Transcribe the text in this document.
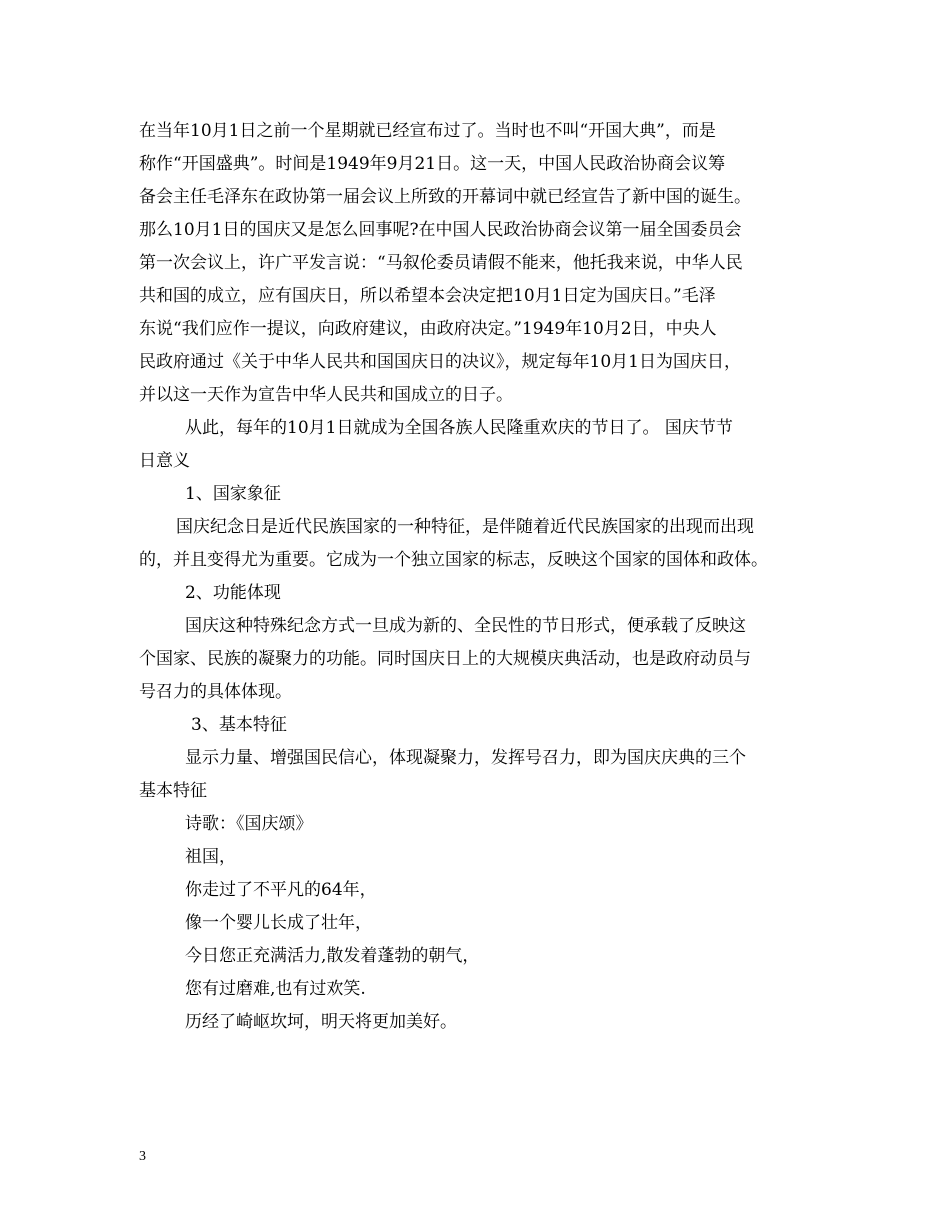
在当年10月1日之前一个星期就已经宣布过了。当时也不叫“开国大典”，而是
称作“开国盛典”。时间是1949年9月21日。这一天，中国人民政治协商会议筹
备会主任毛泽东在政协第一届会议上所致的开幕词中就已经宣告了新中国的诞生。
那么10月1日的国庆又是怎么回事呢?在中国人民政治协商会议第一届全国委员会
第一次会议上，许广平发言说：“马叙伦委员请假不能来，他托我来说，中华人民
共和国的成立，应有国庆日，所以希望本会决定把10月1日定为国庆日。”毛泽
东说“我们应作一提议，向政府建议，由政府决定。”1949年10月2日，中央人
民政府通过《关于中华人民共和国国庆日的决议》，规定每年10月1日为国庆日，
并以这一天作为宣告中华人民共和国成立的日子。
从此，每年的10月1日就成为全国各族人民隆重欢庆的节日了。 国庆节节
日意义
1、国家象征
国庆纪念日是近代民族国家的一种特征，是伴随着近代民族国家的出现而出现
的，并且变得尤为重要。它成为一个独立国家的标志，反映这个国家的国体和政体。
2、功能体现
国庆这种特殊纪念方式一旦成为新的、全民性的节日形式，便承载了反映这
个国家、民族的凝聚力的功能。同时国庆日上的大规模庆典活动，也是政府动员与
号召力的具体体现。
3、基本特征
显示力量、增强国民信心，体现凝聚力，发挥号召力，即为国庆庆典的三个
基本特征
诗歌：《国庆颂》
祖国，
你走过了不平凡的64年，
像一个婴儿长成了壮年，
今日您正充满活力,散发着蓬勃的朝气，
您有过磨难,也有过欢笑.
历经了崎岖坎坷，明天将更加美好。
3
